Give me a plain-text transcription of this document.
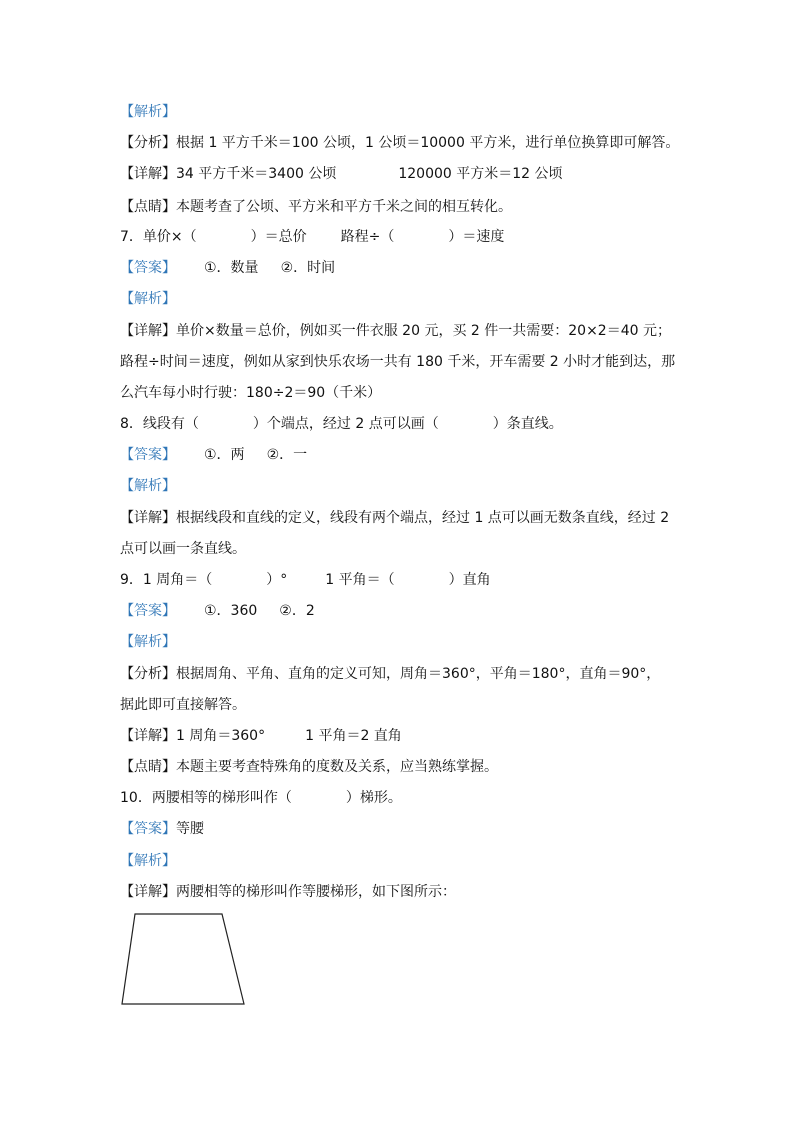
【解析】
【分析】根据 1 平方千米＝100 公顷，1 公顷＝10000 平方米，进行单位换算即可解答。
【详解】34 平方千米＝3400 公顷	120000 平方米＝12 公顷
【点睛】本题考查了公顷、平方米和平方千米之间的相互转化。
7．单价×（	）＝总价 路程÷（	）＝速度
【答案】 ①．数量 ②．时间
【解析】
【详解】单价×数量＝总价，例如买一件衣服 20 元，买 2 件一共需要：20×2＝40 元；
路程÷时间＝速度，例如从家到快乐农场一共有 180 千米，开车需要 2 小时才能到达，那
么汽车每小时行驶：180÷2＝90（千米）
8．线段有（	）个端点，经过 2 点可以画（	）条直线。
【答案】 ①．两 ②．一
【解析】
【详解】根据线段和直线的定义，线段有两个端点，经过 1 点可以画无数条直线，经过 2
点可以画一条直线。
9．1 周角＝（	）°	1 平角＝（	）直角
【答案】 ①．360 ②．2
【解析】
【分析】根据周角、平角、直角的定义可知，周角＝360°，平角＝180°，直角＝90°，
据此即可直接解答。
【详解】1 周角＝360°	1 平角＝2 直角
【点睛】本题主要考查特殊角的度数及关系，应当熟练掌握。
10．两腰相等的梯形叫作（	）梯形。
【答案】等腰
【解析】
【详解】两腰相等的梯形叫作等腰梯形，如下图所示：
